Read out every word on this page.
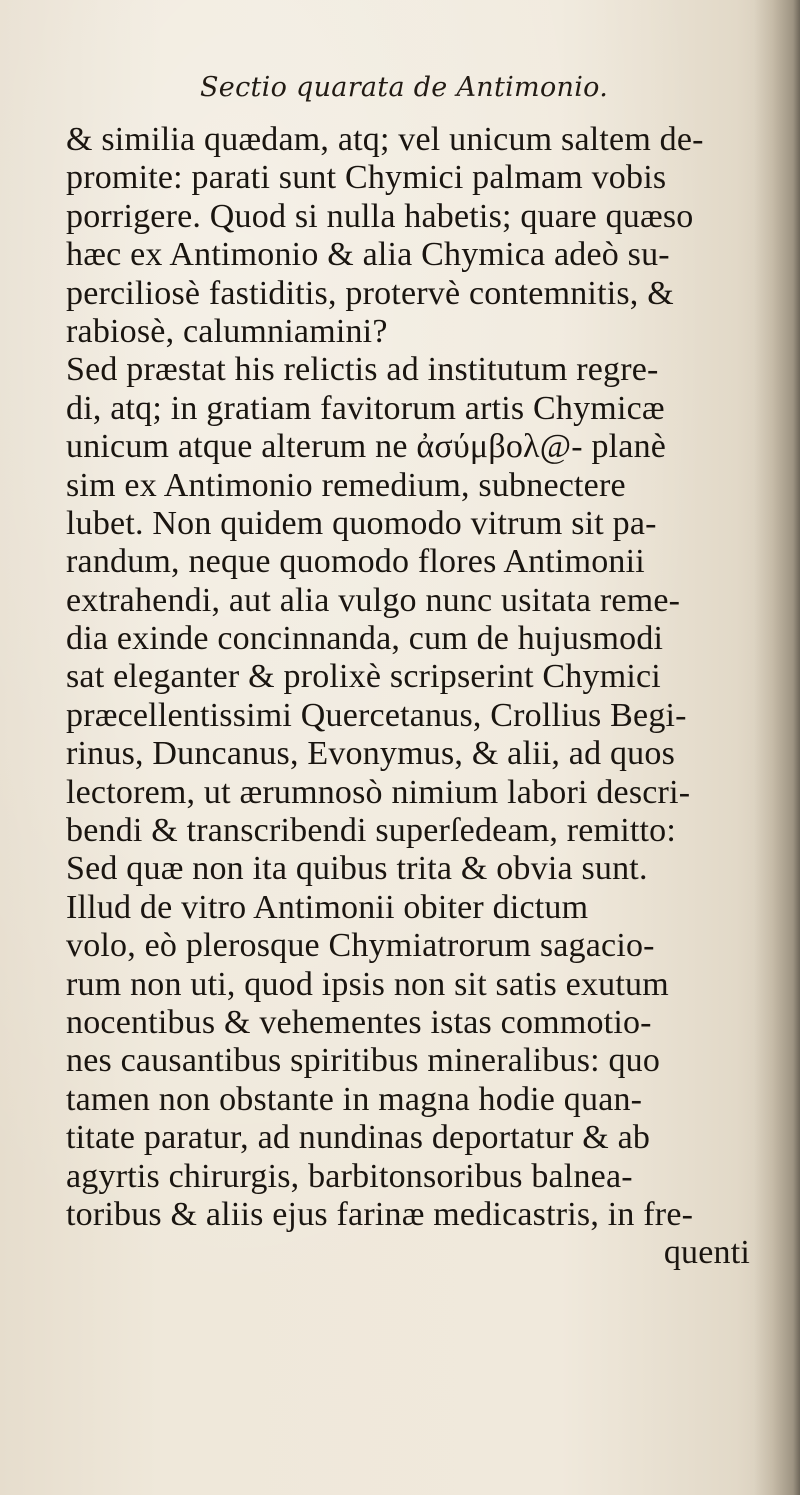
Sectio quarata de Antimonio.
& similia quædam, atq; vel unicum saltem de-
promite: parati sunt Chymici palmam vobis
porrigere. Quod si nulla habetis; quare quæso
hæc ex Antimonio & alia Chymica adeò su-
perciliosè fastiditis, protervè contemnitis, &
rabiosè, calumniamini?
Sed præstat his relictis ad institutum regre-
di, atq; in gratiam favitorum artis Chymicæ
unicum atque alterum ne ἀσύμβολ@- planè
sim ex Antimonio remedium, subnectere
lubet. Non quidem quomodo vitrum sit pa-
randum, neque quomodo flores Antimonii
extrahendi, aut alia vulgo nunc usitata reme-
dia exinde concinnanda, cum de hujusmodi
sat eleganter & prolixè scripserint Chymici
præcellentissimi Quercetanus, Crollius Begi-
rinus, Duncanus, Evonymus, & alii, ad quos
lectorem, ut ærumnosò nimium labori descri-
bendi & transcribendi superſedeam, remitto:
Sed quæ non ita quibus trita & obvia sunt.
Illud de vitro Antimonii obiter dictum
volo, eò plerosque Chymiatrorum sagacio-
rum non uti, quod ipsis non sit satis exutum
nocentibus & vehementes istas commotio-
nes causantibus spiritibus mineralibus: quo
tamen non obstante in magna hodie quan-
titate paratur, ad nundinas deportatur & ab
agyrtis chirurgis, barbitonsoribus balnea-
toribus & aliis ejus farinæ medicastris, in fre-
quenti
